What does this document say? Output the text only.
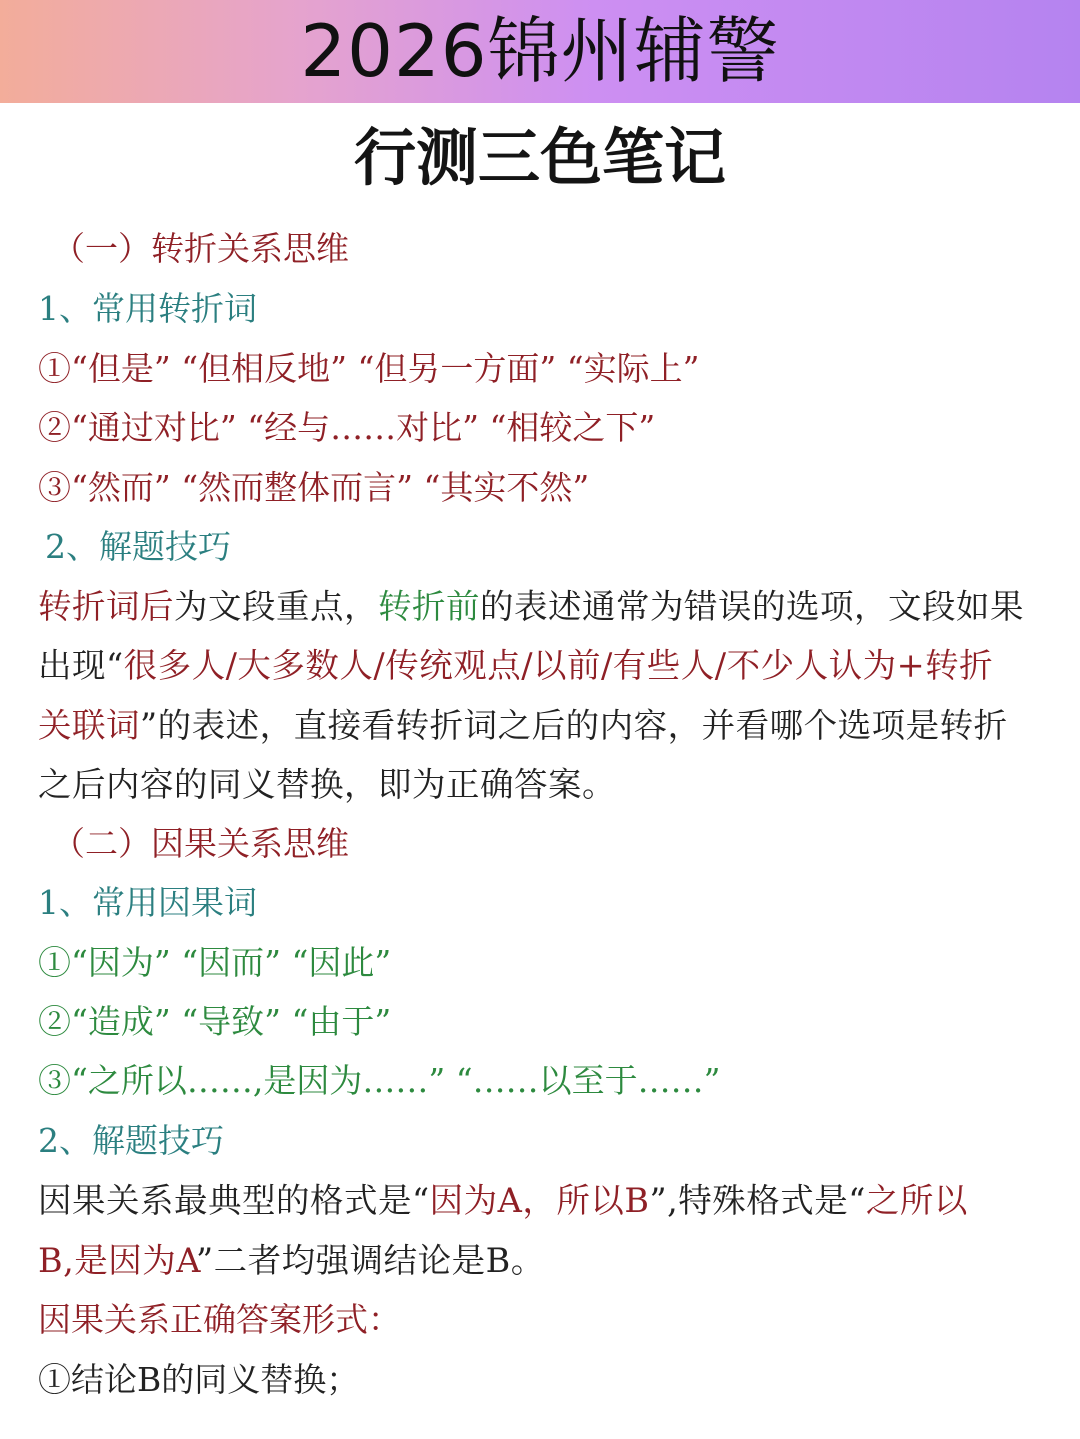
2026锦州辅警
行测三色笔记
（一）转折关系思维
1、常用转折词
①“但是” “但相反地” “但另一方面” “实际上”
②“通过对比” “经与……对比” “相较之下”
③“然而” “然而整体而言” “其实不然”
2、解题技巧
转折词后为文段重点，转折前的表述通常为错误的选项，文段如果
出现“很多人/大多数人/传统观点/以前/有些人/不少人认为+转折
关联词”的表述，直接看转折词之后的内容，并看哪个选项是转折
之后内容的同义替换，即为正确答案。
（二）因果关系思维
1、常用因果词
①“因为” “因而” “因此”
②“造成” “导致” “由于”
③“之所以……,是因为……” “……以至于……”
2、解题技巧
因果关系最典型的格式是“因为A，所以B”,特殊格式是“之所以
B,是因为A”二者均强调结论是B。
因果关系正确答案形式：
①结论B的同义替换；
